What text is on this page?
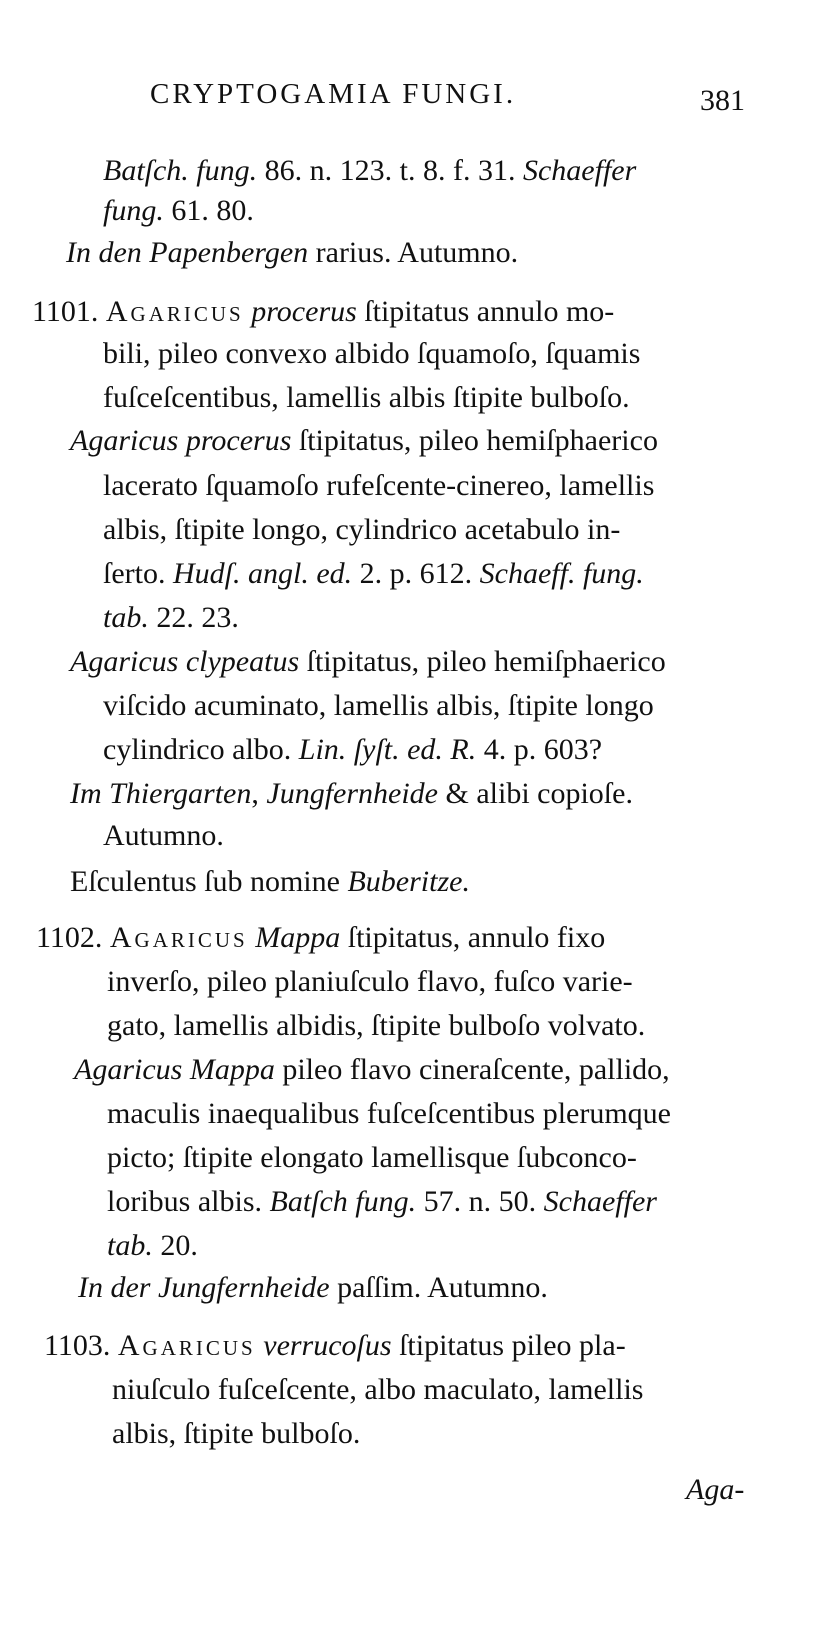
CRYPTOGAMIA FUNGI.	381
Batſch. fung. 86. n. 123. t. 8. f. 31. Schaeffer
fung. 61. 80.
In den Papenbergen rarius. Autumno.
1101. Agaricus procerus ſtipitatus annulo mo-
bili, pileo convexo albido ſquamoſo, ſquamis
fuſceſcentibus, lamellis albis ſtipite bulboſo.
Agaricus procerus ſtipitatus, pileo hemiſphaerico
lacerato ſquamoſo rufeſcente-cinereo, lamellis
albis, ſtipite longo, cylindrico acetabulo in-
ſerto. Hudſ. angl. ed. 2. p. 612. Schaeff. fung.
tab. 22. 23.
Agaricus clypeatus ſtipitatus, pileo hemiſphaerico
viſcido acuminato, lamellis albis, ſtipite longo
cylindrico albo. Lin. ſyſt. ed. R. 4. p. 603?
Im Thiergarten, Jungfernheide & alibi copioſe.
Autumno.
Eſculentus ſub nomine Buberitze.
1102. Agaricus Mappa ſtipitatus, annulo fixo
inverſo, pileo planiuſculo flavo, fuſco varie-
gato, lamellis albidis, ſtipite bulboſo volvato.
Agaricus Mappa pileo flavo cineraſcente, pallido,
maculis inaequalibus fuſceſcentibus plerumque
picto; ſtipite elongato lamellisque ſubconco-
loribus albis. Batſch fung. 57. n. 50. Schaeffer
tab. 20.
In der Jungfernheide paſſim. Autumno.
1103. Agaricus verrucoſus ſtipitatus pileo pla-
niuſculo fuſceſcente, albo maculato, lamellis
albis, ſtipite bulboſo.
Aga-
